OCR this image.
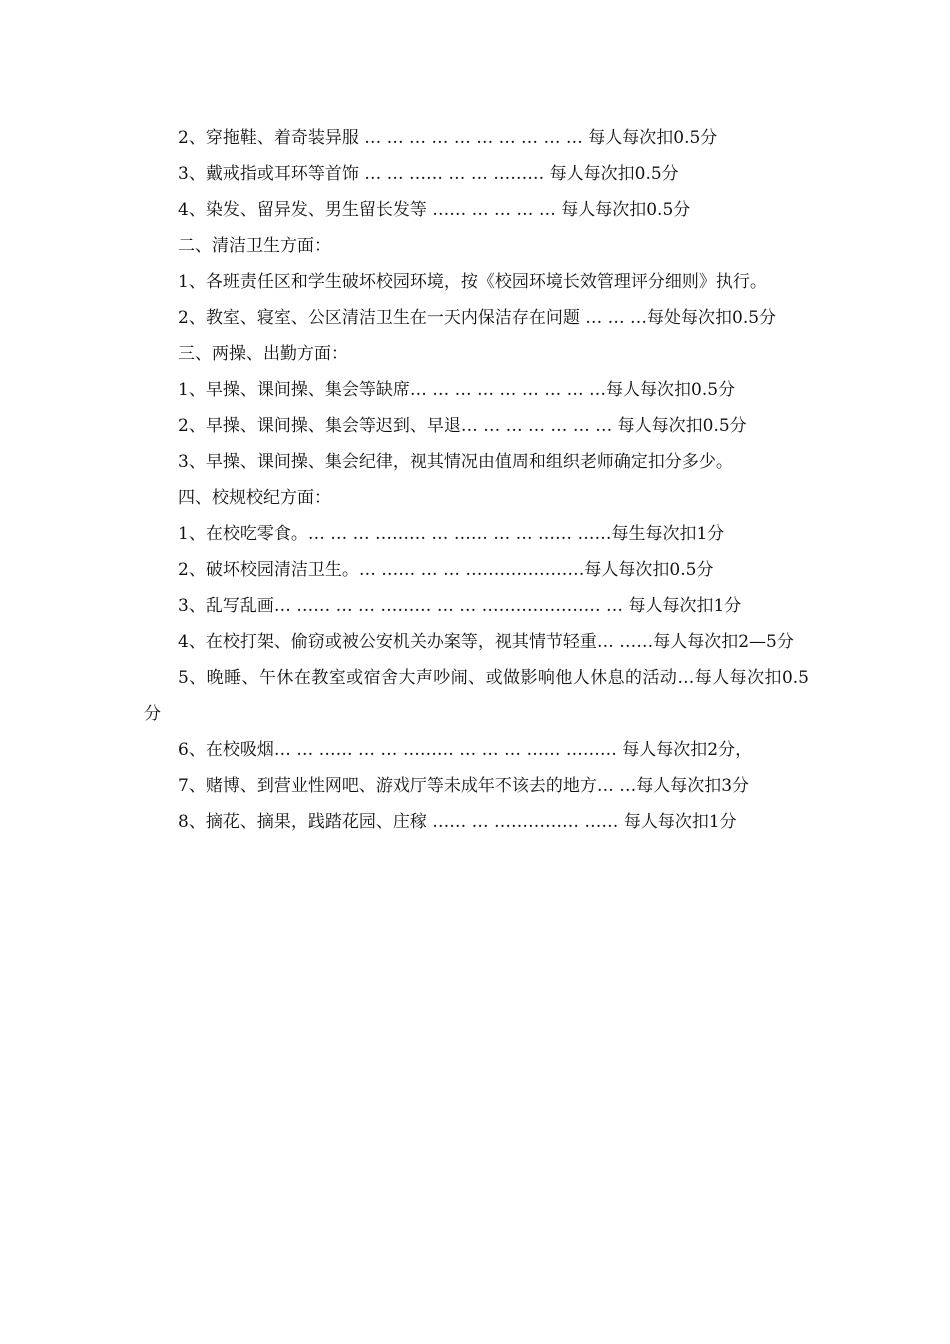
2、穿拖鞋、着奇装异服 … … … … … … … … … … 每人每次扣0.5分

3、戴戒指或耳环等首饰 … … …… … … ……… 每人每次扣0.5分

4、染发、留异发、男生留长发等 …… … … … … 每人每次扣0.5分

二、清洁卫生方面：

1、各班责任区和学生破坏校园环境，按《校园环境长效管理评分细则》执行。

2、教室、寝室、公区清洁卫生在一天内保洁存在问题 … … …每处每次扣0.5分

三、两操、出勤方面：

1、早操、课间操、集会等缺席… … … … … … … … …每人每次扣0.5分

2、早操、课间操、集会等迟到、早退… … … … … … … 每人每次扣0.5分

3、早操、课间操、集会纪律，视其情况由值周和组织老师确定扣分多少。

四、校规校纪方面：

1、在校吃零食。… … … ……… … …… … … …… ……每生每次扣1分

2、破坏校园清洁卫生。… …… … … …………………每人每次扣0.5分

3、乱写乱画… …… … … ……… … … ………………… … 每人每次扣1分

4、在校打架、偷窃或被公安机关办案等，视其情节轻重… ……每人每次扣2—5分

5、晚睡、午休在教室或宿舍大声吵闹、或做影响他人休息的活动…每人每次扣0.5分

6、在校吸烟… … …… … … ……… … … … …… ……… 每人每次扣2分，

7、赌博、到营业性网吧、游戏厅等未成年不该去的地方… …每人每次扣3分

8、摘花、摘果，践踏花园、庄稼 …… … …………… …… 每人每次扣1分
